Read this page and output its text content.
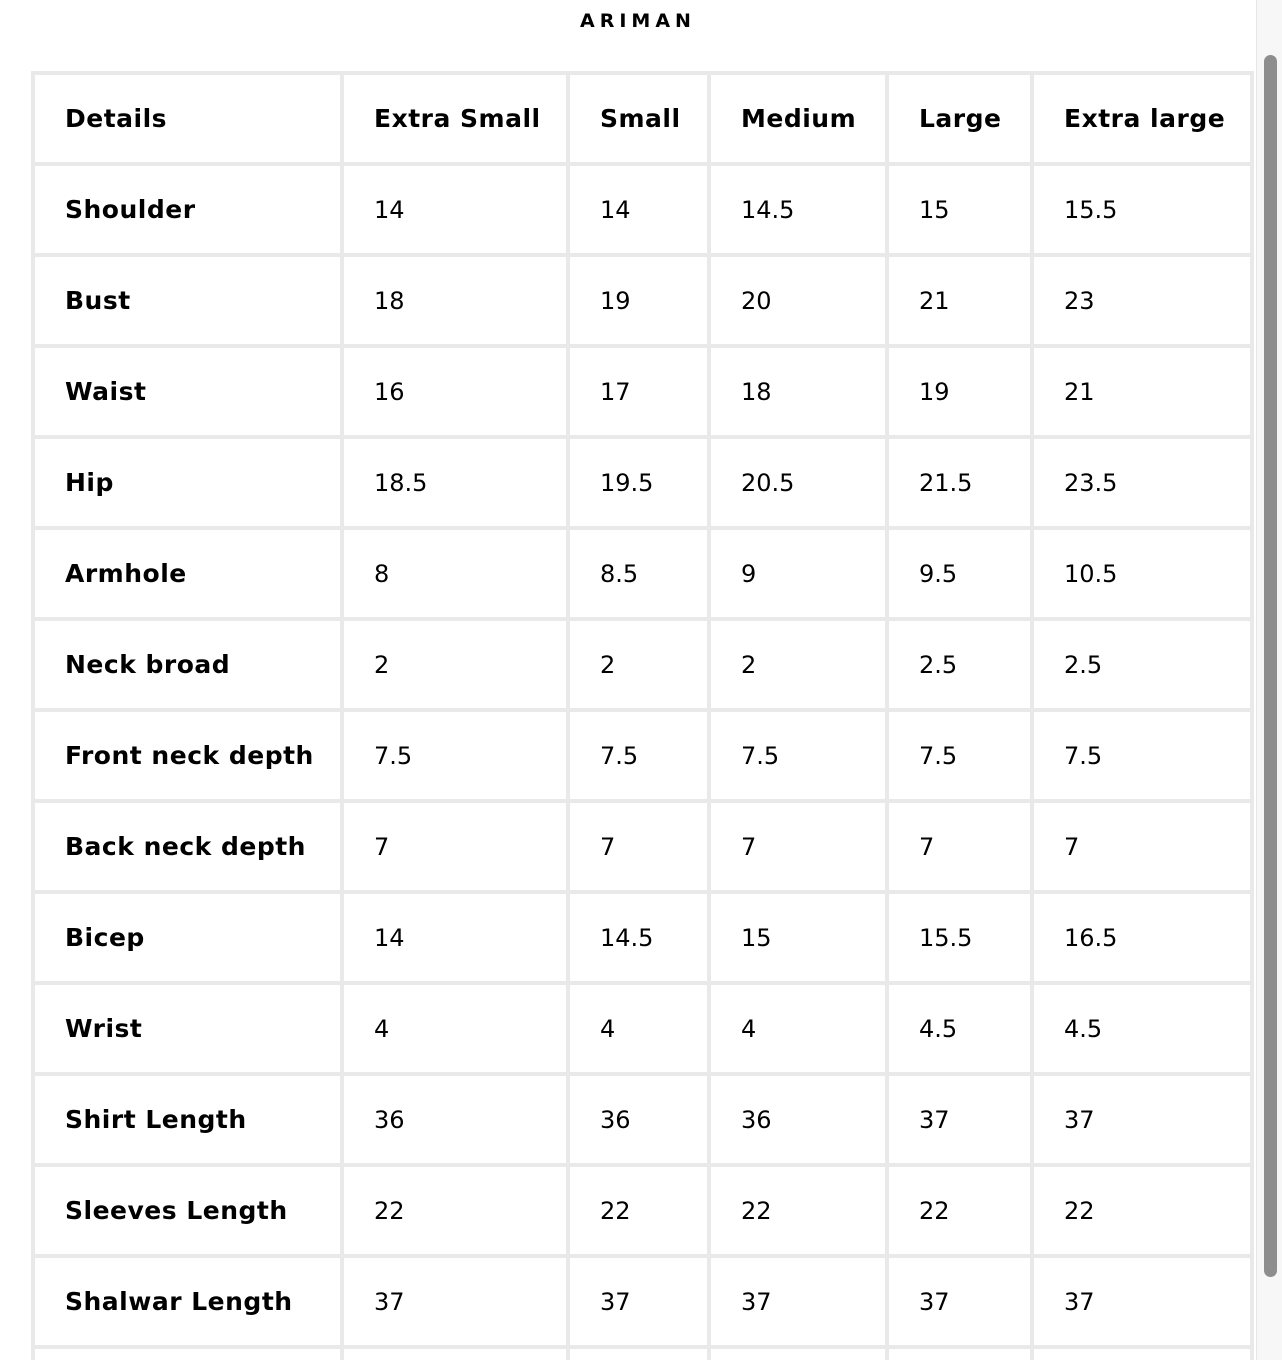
ARIMAN
Details	Extra Small	Small	Medium	Large	Extra large
Shoulder	14	14	14.5	15	15.5
Bust	18	19	20	21	23
Waist	16	17	18	19	21
Hip	18.5	19.5	20.5	21.5	23.5
Armhole	8	8.5	9	9.5	10.5
Neck broad	2	2	2	2.5	2.5
Front neck depth	7.5	7.5	7.5	7.5	7.5
Back neck depth	7	7	7	7	7
Bicep	14	14.5	15	15.5	16.5
Wrist	4	4	4	4.5	4.5
Shirt Length	36	36	36	37	37
Sleeves Length	22	22	22	22	22
Shalwar Length	37	37	37	37	37
